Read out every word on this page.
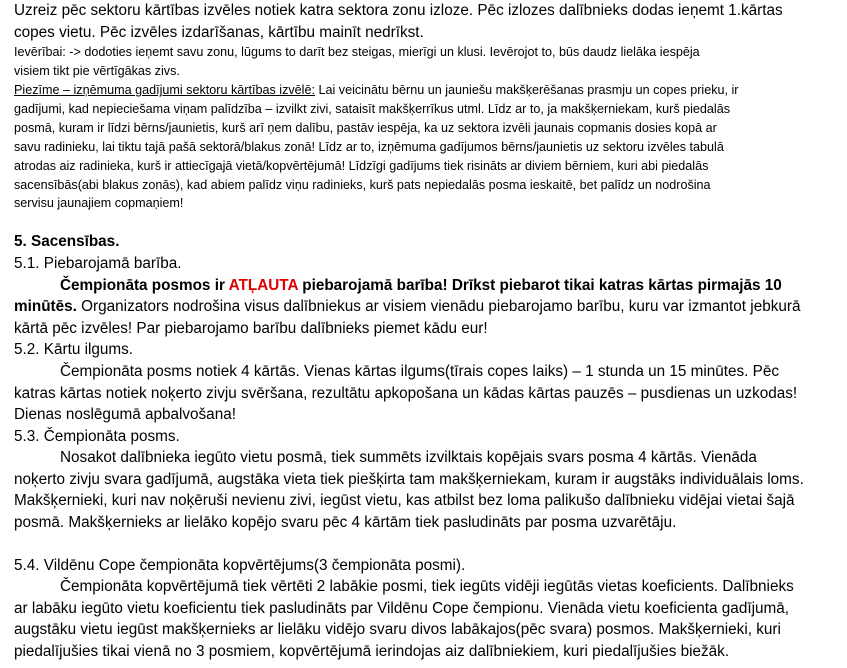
Uzreiz pēc sektoru kārtības izvēles notiek katra sektora zonu izloze. Pēc izlozes dalībnieks dodas ieņemt 1.kārtas
copes vietu. Pēc izvēles izdarīšanas, kārtību mainīt nedrīkst.
Ievērībai: -> dodoties ieņemt savu zonu, lūgums to darīt bez steigas, mierīgi un klusi. Ievērojot to, būs daudz lielāka iespēja
visiem tikt pie vērtīgākas zivs.
Piezīme – izņēmuma gadījumi sektoru kārtības izvēlē: Lai veicinātu bērnu un jauniešu makšķerēšanas prasmju un copes prieku, ir
gadījumi, kad nepieciešama viņam palīdzība – izvilkt zivi, sataisīt makšķerrīkus utml. Līdz ar to, ja makšķerniekam, kurš piedalās
posmā, kuram ir līdzi bērns/jaunietis, kurš arī ņem dalību, pastāv iespēja, ka uz sektora izvēli jaunais copmanis dosies kopā ar
savu radinieku, lai tiktu tajā pašā sektorā/blakus zonā! Līdz ar to, izņēmuma gadījumos bērns/jaunietis uz sektoru izvēles tabulā
atrodas aiz radinieka, kurš ir attiecīgajā vietā/kopvērtējumā! Līdzīgi gadījums tiek risināts ar diviem bērniem, kuri abi piedalās
sacensībās(abi blakus zonās), kad abiem palīdz viņu radinieks, kurš pats nepiedalās posma ieskaitē, bet palīdz un nodrošina
servisu jaunajiem copmaņiem!
5. Sacensības.
5.1. Piebarojamā barība.
Čempionāta posmos ir ATĻAUTA piebarojamā barība! Drīkst piebarot tikai katras kārtas pirmajās 10
minūtēs. Organizators nodrošina visus dalībniekus ar visiem vienādu piebarojamo barību, kuru var izmantot jebkurā
kārtā pēc izvēles! Par piebarojamo barību dalībnieks piemet kādu eur!
5.2. Kārtu ilgums.
Čempionāta posms notiek 4 kārtās. Vienas kārtas ilgums(tīrais copes laiks) – 1 stunda un 15 minūtes. Pēc
katras kārtas notiek noķerto zivju svēršana, rezultātu apkopošana un kādas kārtas pauzēs – pusdienas un uzkodas!
Dienas noslēgumā apbalvošana!
5.3. Čempionāta posms.
Nosakot dalībnieka iegūto vietu posmā, tiek summēts izvilktais kopējais svars posma 4 kārtās. Vienāda
noķerto zivju svara gadījumā, augstāka vieta tiek piešķirta tam makšķerniekam, kuram ir augstāks individuālais loms.
Makšķernieki, kuri nav noķēruši nevienu zivi, iegūst vietu, kas atbilst bez loma palikušo dalībnieku vidējai vietai šajā
posmā. Makšķernieks ar lielāko kopējo svaru pēc 4 kārtām tiek pasludināts par posma uzvarētāju.
5.4. Vildēnu Cope čempionāta kopvērtējums(3 čempionāta posmi).
Čempionāta kopvērtējumā tiek vērtēti 2 labākie posmi, tiek iegūts vidēji iegūtās vietas koeficients. Dalībnieks
ar labāku iegūto vietu koeficientu tiek pasludināts par Vildēnu Cope čempionu. Vienāda vietu koeficienta gadījumā,
augstāku vietu iegūst makšķernieks ar lielāku vidējo svaru divos labākajos(pēc svara) posmos. Makšķernieki, kuri
piedalījušies tikai vienā no 3 posmiem, kopvērtējumā ierindojas aiz dalībniekiem, kuri piedalījušies biežāk.
